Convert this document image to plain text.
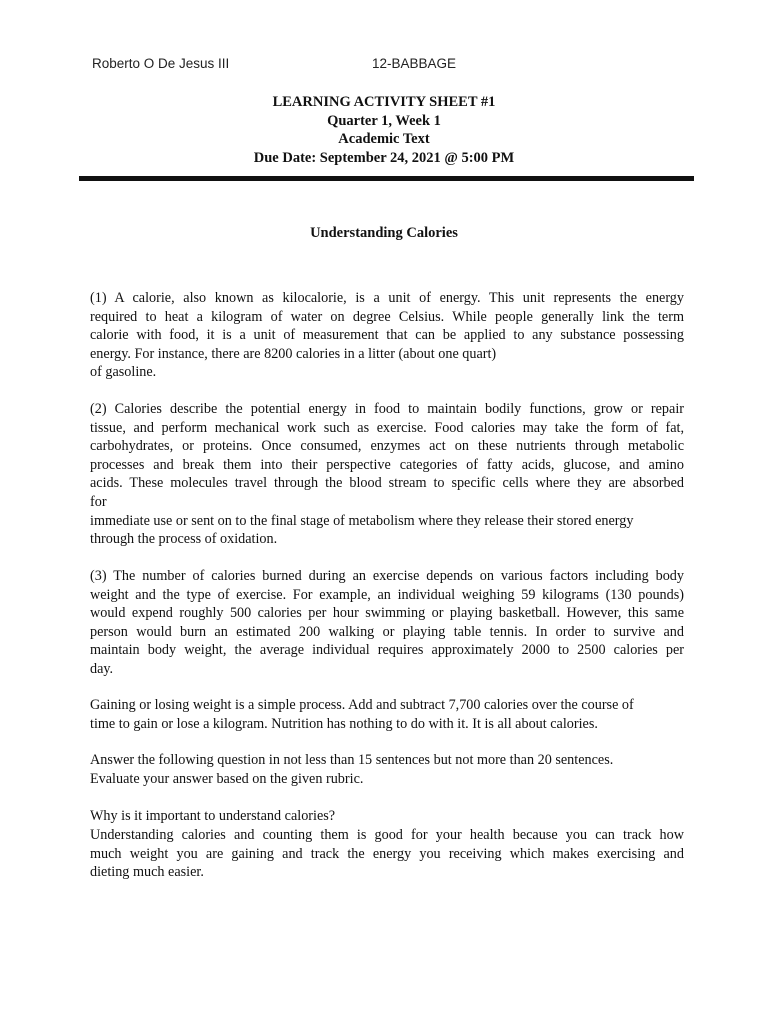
Roberto O De Jesus III	12-BABBAGE
LEARNING ACTIVITY SHEET #1
Quarter 1, Week 1
Academic Text
Due Date: September 24, 2021 @ 5:00 PM
Understanding Calories
(1) A calorie, also known as kilocalorie, is a unit of energy. This unit represents the energy
required to heat a kilogram of water on degree Celsius. While people generally link the term
calorie with food, it is a unit of measurement that can be applied to any substance possessing
energy. For instance, there are 8200 calories in a litter (about one quart)
of gasoline.
(2) Calories describe the potential energy in food to maintain bodily functions, grow or repair
tissue, and perform mechanical work such as exercise. Food calories may take the form of fat,
carbohydrates, or proteins. Once consumed, enzymes act on these nutrients through metabolic
processes and break them into their perspective categories of fatty acids, glucose, and amino
acids. These molecules travel through the blood stream to specific cells where they are absorbed
for
immediate use or sent on to the final stage of metabolism where they release their stored energy
through the process of oxidation.
(3) The number of calories burned during an exercise depends on various factors including body
weight and the type of exercise. For example, an individual weighing 59 kilograms (130 pounds)
would expend roughly 500 calories per hour swimming or playing basketball. However, this same
person would burn an estimated 200 walking or playing table tennis. In order to survive and
maintain body weight, the average individual requires approximately 2000 to 2500 calories per
day.
Gaining or losing weight is a simple process. Add and subtract 7,700 calories over the course of
time to gain or lose a kilogram. Nutrition has nothing to do with it. It is all about calories.
Answer the following question in not less than 15 sentences but not more than 20 sentences.
Evaluate your answer based on the given rubric.
Why is it important to understand calories?
Understanding calories and counting them is good for your health because you can track how
much weight you are gaining and track the energy you receiving which makes exercising and
dieting much easier.
